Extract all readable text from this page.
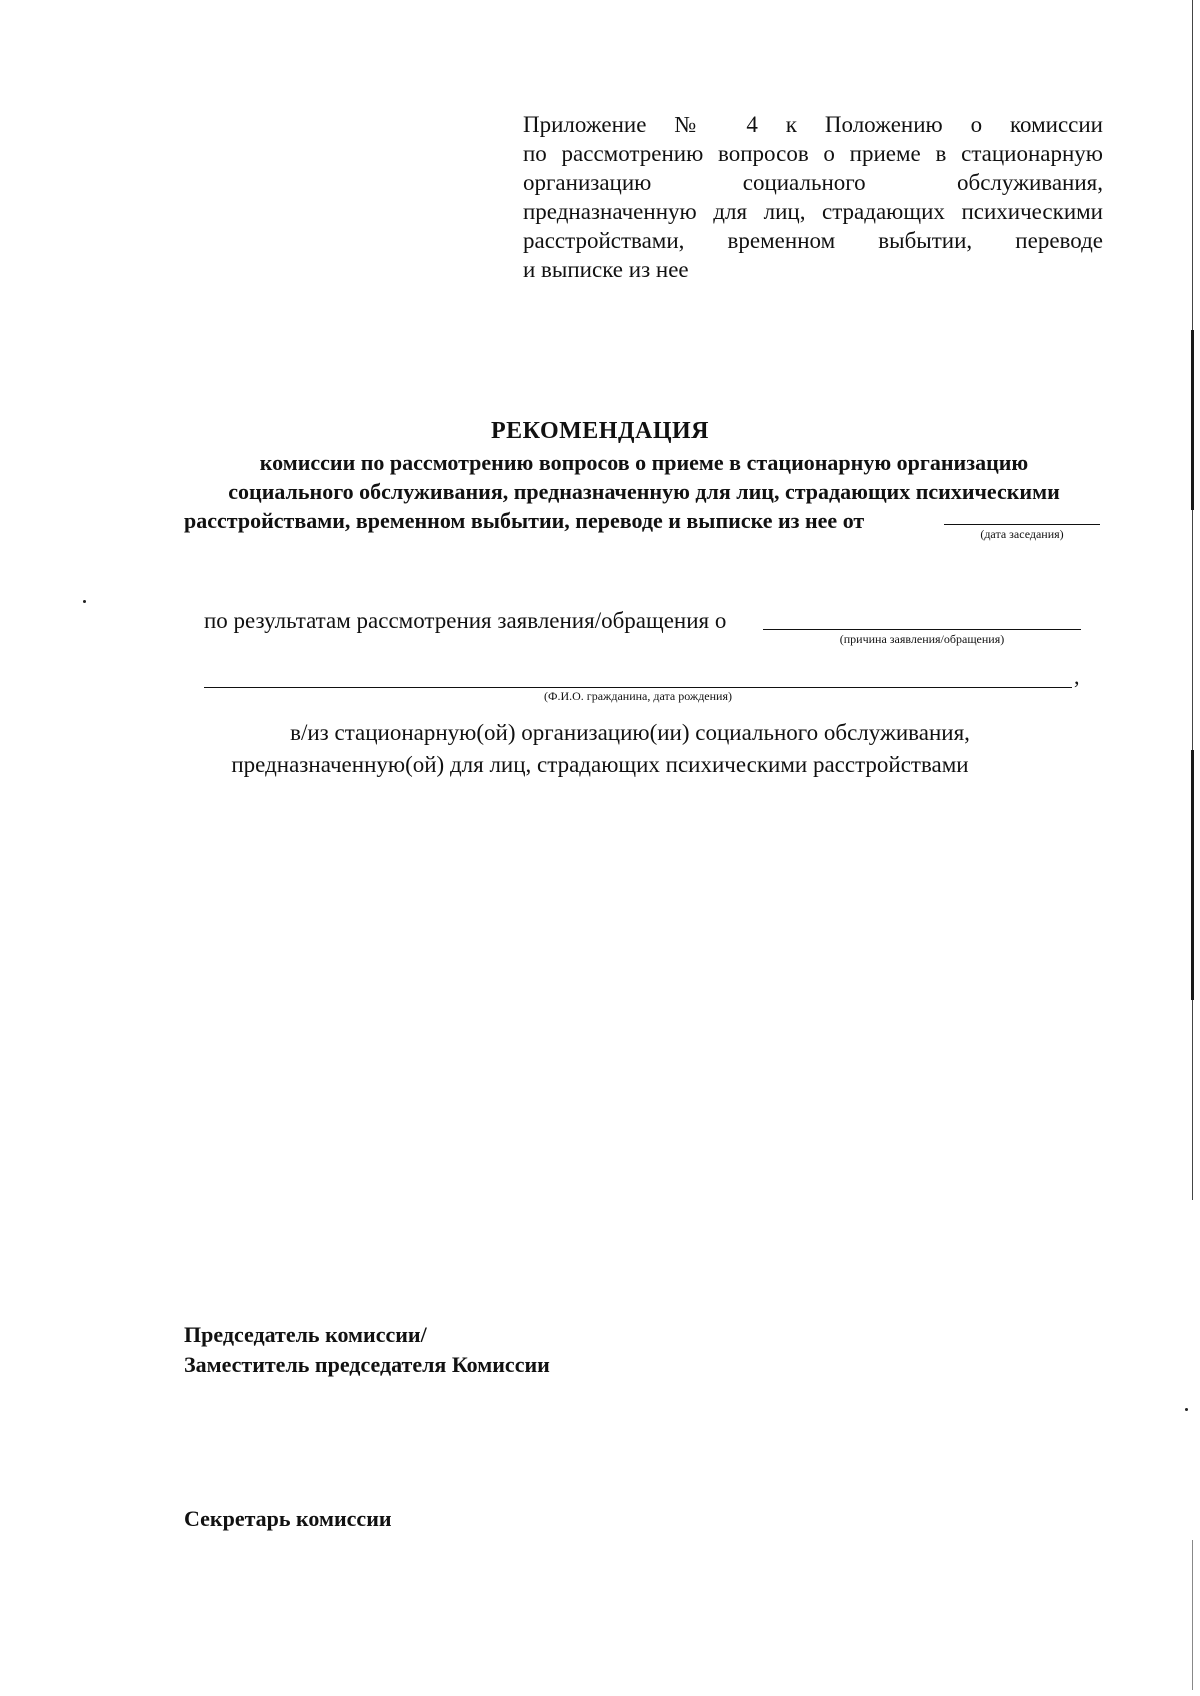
Приложение № 4 к Положению о комиссии
по рассмотрению вопросов о приеме в стационарную
организацию социального обслуживания,
предназначенную для лиц, страдающих психическими
расстройствами, временном выбытии, переводе
и выписке из нее
РЕКОМЕНДАЦИЯ
комиссии по рассмотрению вопросов о приеме в стационарную организацию
социального обслуживания, предназначенную для лиц, страдающих психическими
расстройствами, временном выбытии, переводе и выписке из нее от
(дата заседания)
по результатам рассмотрения заявления/обращения о
(причина заявления/обращения)
,
(Ф.И.О. гражданина, дата рождения)
в/из стационарную(ой) организацию(ии) социального обслуживания,
предназначенную(ой) для лиц, страдающих психическими расстройствами
Председатель комиссии/
Заместитель председателя Комиссии
Секретарь комиссии
